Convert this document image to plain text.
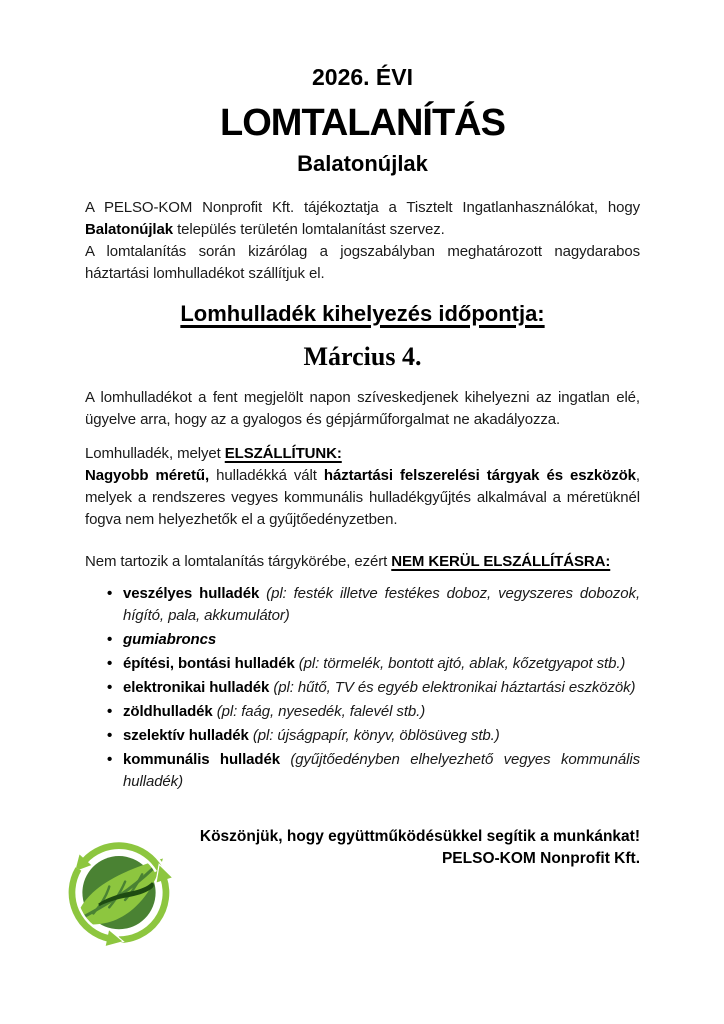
2026. ÉVI
LOMTALANÍTÁS
Balatonújlak

A PELSO-KOM Nonprofit Kft. tájékoztatja a Tisztelt Ingatlanhasználókat, hogy Balatonújlak település területén lomtalanítást szervez.

A lomtalanítás során kizárólag a jogszabályban meghatározott nagydarabos háztartási lomhulladékot szállítjuk el.

Lomhulladék kihelyezés időpontja:
Március 4.

A lomhulladékot a fent megjelölt napon szíveskedjenek kihelyezni az ingatlan elé, ügyelve arra, hogy az a gyalogos és gépjárműforgalmat ne akadályozza.

Lomhulladék, melyet ELSZÁLLÍTUNK:

Nagyobb méretű, hulladékká vált háztartási felszerelési tárgyak és eszközök, melyek a rendszeres vegyes kommunális hulladékgyűjtés alkalmával a méretüknél fogva nem helyezhetők el a gyűjtőedényzetben.

Nem tartozik a lomtalanítás tárgykörébe, ezért NEM KERÜL ELSZÁLLÍTÁSRA:

• veszélyes hulladék (pl: festék illetve festékes doboz, vegyszeres dobozok, hígító, pala, akkumulátor)
• gumiabroncs
• építési, bontási hulladék (pl: törmelék, bontott ajtó, ablak, kőzetgyapot stb.)
• elektronikai hulladék (pl: hűtő, TV és egyéb elektronikai háztartási eszközök)
• zöldhulladék (pl: faág, nyesedék, falevél stb.)
• szelektív hulladék (pl: újságpapír, könyv, öblösüveg stb.)
• kommunális hulladék (gyűjtőedényben elhelyezhető vegyes kommunális hulladék)
Köszönjük, hogy együttműködésükkel segítik a munkánkat!
PELSO-KOM Nonprofit Kft.
